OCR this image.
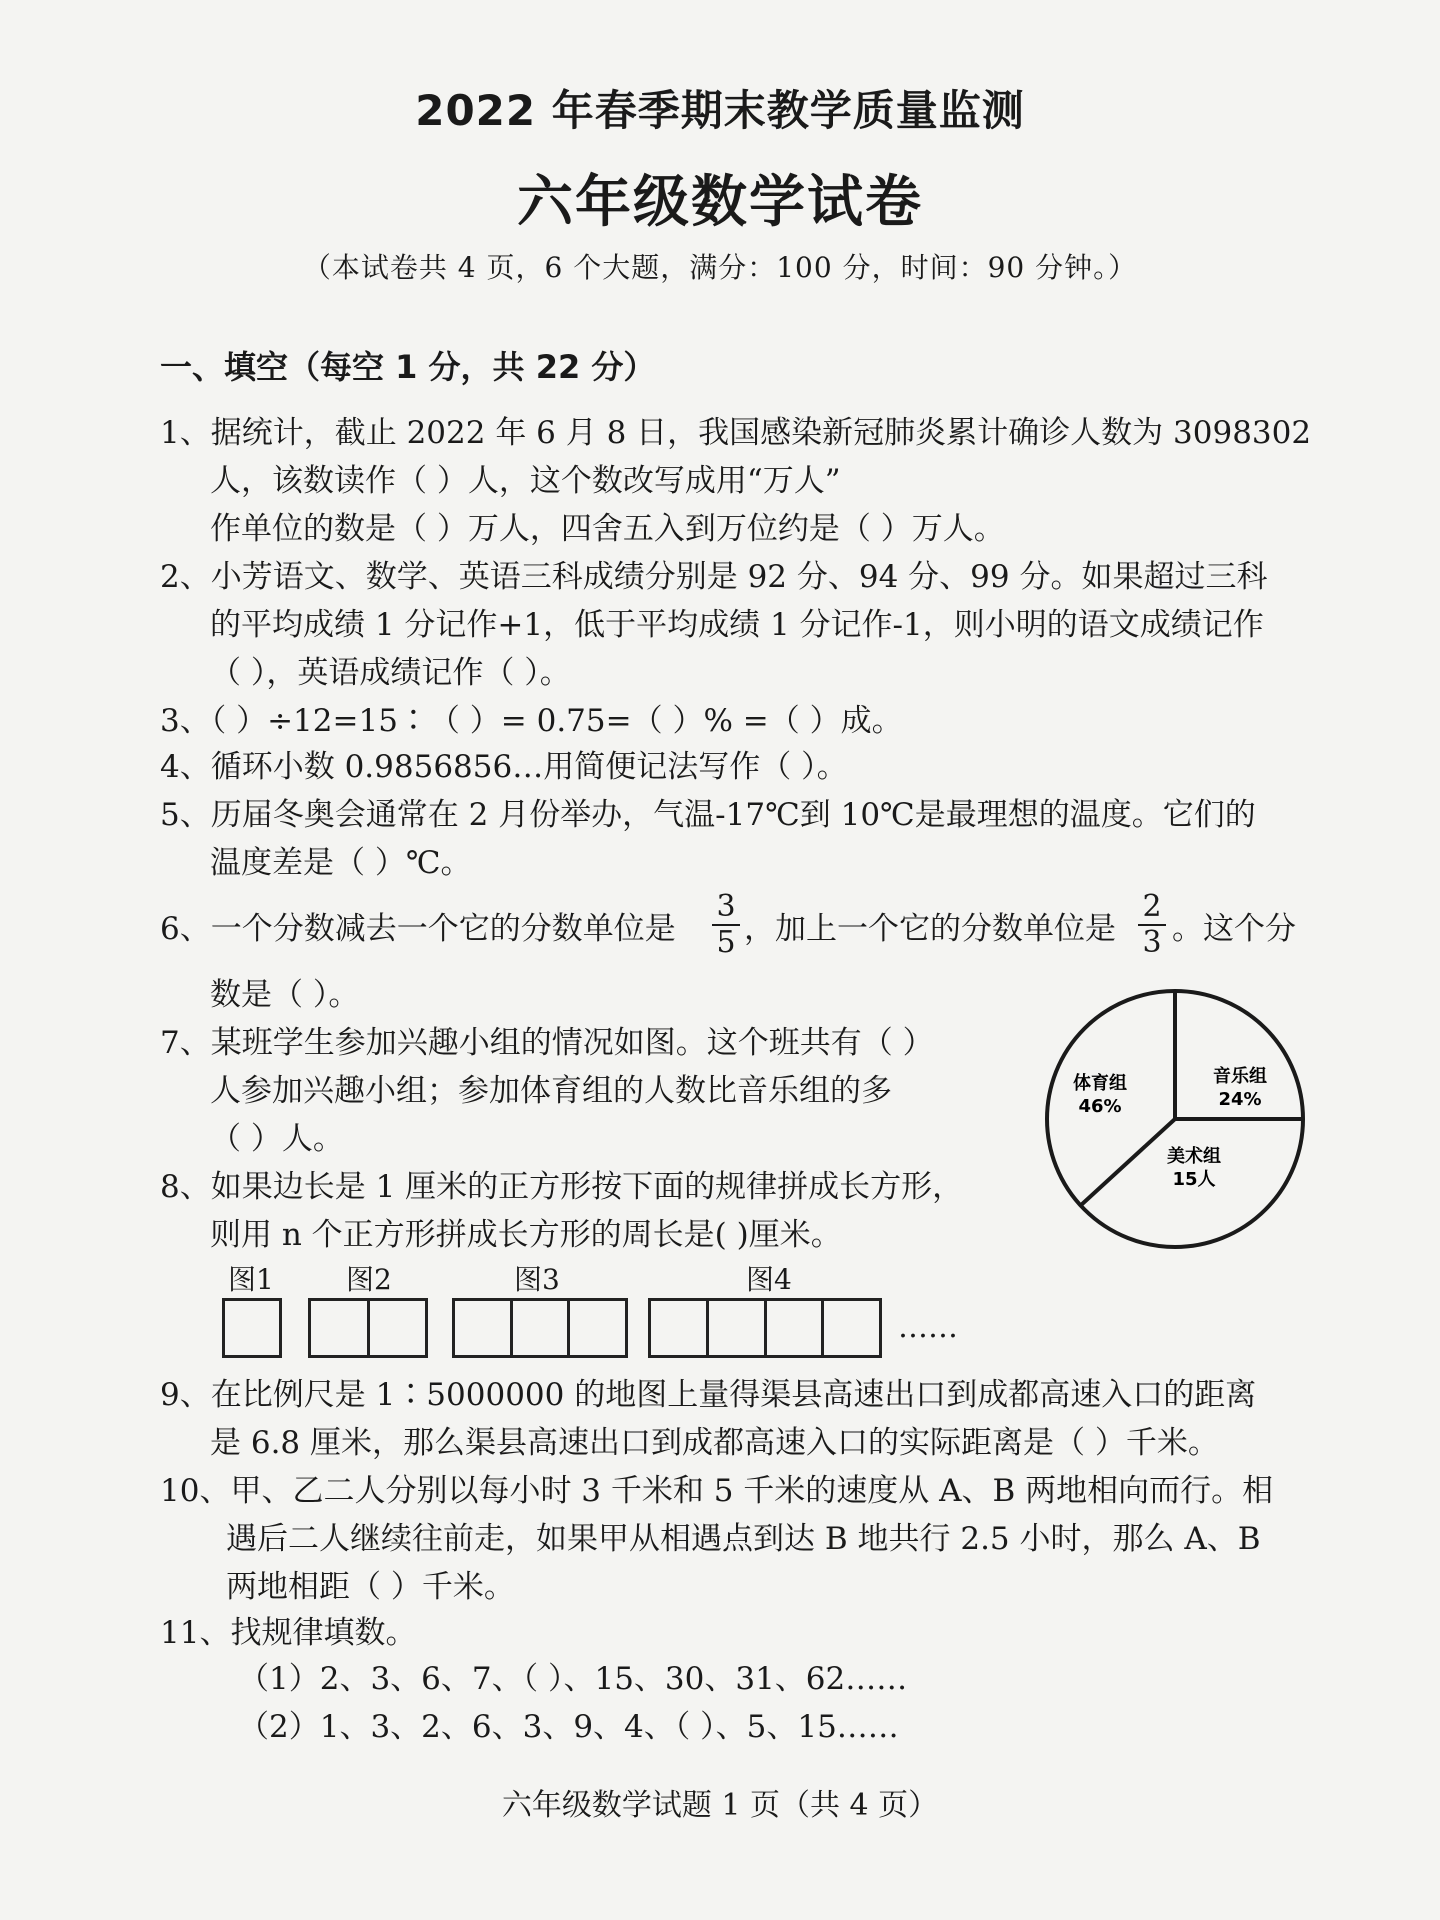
2022 年春季期末教学质量监测
六年级数学试卷
（本试卷共 4 页，6 个大题，满分：100 分，时间：90 分钟。）
一、填空（每空 1 分，共 22 分）
1、据统计，截止 2022 年 6 月 8 日，我国感染新冠肺炎累计确诊人数为 3098302
人，该数读作（ ）人，这个数改写成用“万人”
作单位的数是（ ）万人，四舍五入到万位约是（ ）万人。
2、小芳语文、数学、英语三科成绩分别是 92 分、94 分、99 分。如果超过三科
的平均成绩 1 分记作+1，低于平均成绩 1 分记作-1，则小明的语文成绩记作
（ ），英语成绩记作（ ）。
3、（ ）÷12=15∶（ ）= 0.75=（ ）% =（ ）成。
4、循环小数 0.9856856…用简便记法写作（ ）。
5、历届冬奥会通常在 2 月份举办，气温-17℃到 10℃是最理想的温度。它们的
温度差是（ ）℃。
6、一个分数减去一个它的分数单位是 $\frac{3}{5}$ ，加上一个它的分数单位是 $\frac{2}{3}$ 。这个分
数是（ ）。
7、某班学生参加兴趣小组的情况如图。这个班共有（ ）
人参加兴趣小组；参加体育组的人数比音乐组的多
（ ）人。
体育组
46%
音乐组
24%
美术组
15人
8、如果边长是 1 厘米的正方形按下面的规律拼成长方形，
则用 n 个正方形拼成长方形的周长是( )厘米。
图1	图2	图3	图4
……
9、在比例尺是 1∶5000000 的地图上量得渠县高速出口到成都高速入口的距离
是 6.8 厘米，那么渠县高速出口到成都高速入口的实际距离是（ ）千米。
10、甲、乙二人分别以每小时 3 千米和 5 千米的速度从 A、B 两地相向而行。相
遇后二人继续往前走，如果甲从相遇点到达 B 地共行 2.5 小时，那么 A、B
两地相距（ ）千米。
11、找规律填数。
（1）2、3、6、7、（ ）、15、30、31、62……
（2）1、3、2、6、3、9、4、（ ）、5、15……
六年级数学试题 1 页（共 4 页）
